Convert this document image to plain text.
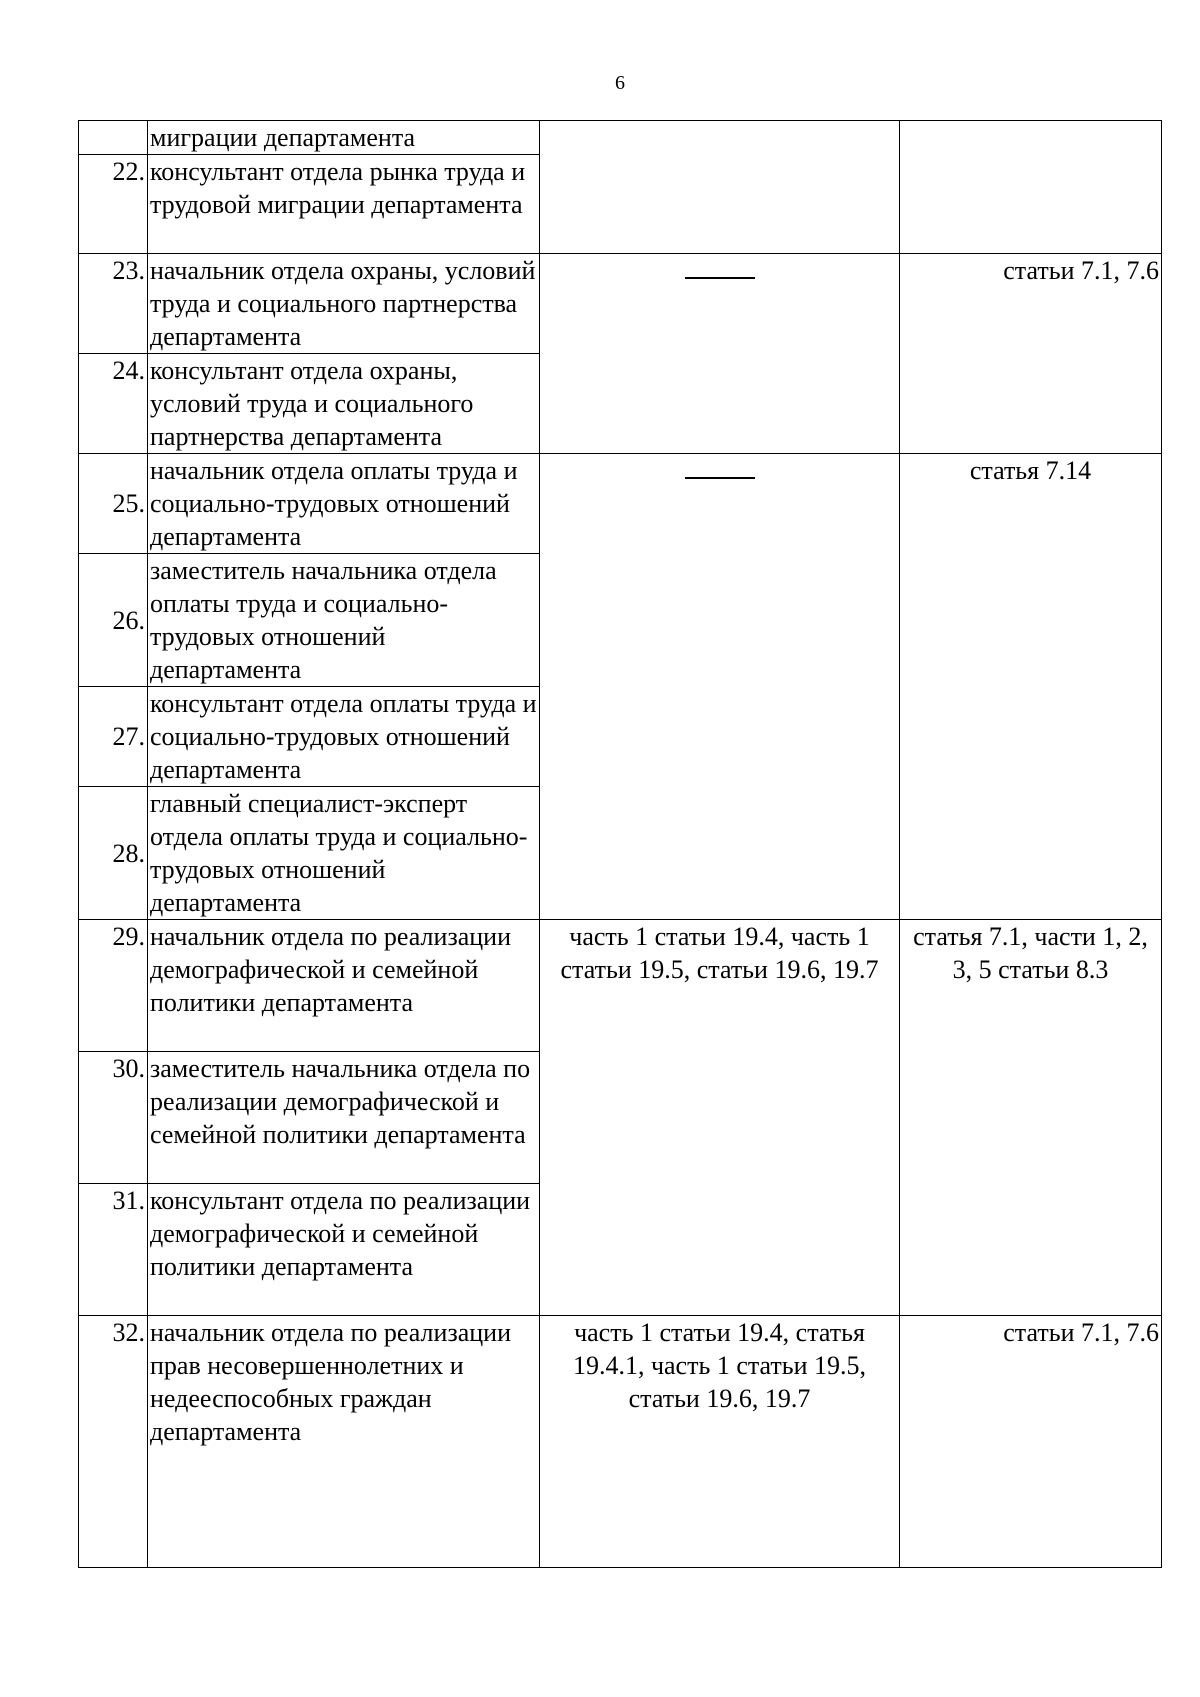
6
	миграции департамента		
22.	консультант отдела рынка труда и трудовой миграции департамента		
23.	начальник отдела охраны, условий труда и социального партнерства департамента		статьи 7.1, 7.6
24.	консультант отдела охраны, условий труда и социального партнерства департамента		
25.	начальник отдела оплаты труда и социально-трудовых отношений департамента		статья 7.14
26.	заместитель начальника отдела оплаты труда и социально-трудовых отношений департамента		
27.	консультант отдела оплаты труда и социально-трудовых отношений департамента		
28.	главный специалист-эксперт отдела оплаты труда и социально-трудовых отношений департамента		
29.	начальник отдела по реализации демографической и семейной политики департамента	часть 1 статьи 19.4, часть 1 статьи 19.5, статьи 19.6, 19.7	статья 7.1, части 1, 2, 3, 5 статьи 8.3
30.	заместитель начальника отдела по реализации демографической и семейной политики департамента		
31.	консультант отдела по реализации демографической и семейной политики департамента		
32.	начальник отдела по реализации прав несовершеннолетних и недееспособных граждан департамента	часть 1 статьи 19.4, статья 19.4.1, часть 1 статьи 19.5, статьи 19.6, 19.7	статьи 7.1, 7.6
